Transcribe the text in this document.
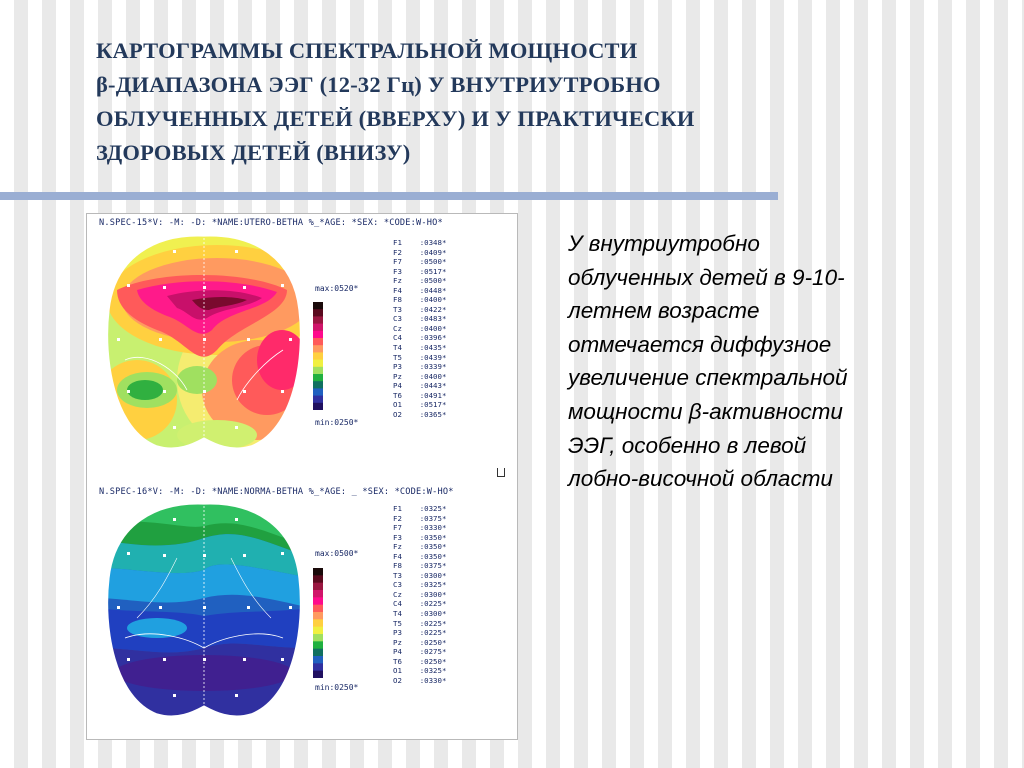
КАРТОГРАММЫ СПЕКТРАЛЬНОЙ МОЩНОСТИ
β-ДИАПАЗОНА ЭЭГ (12-32 Гц) У ВНУТРИУТРОБНО
ОБЛУЧЕННЫХ ДЕТЕЙ (ВВЕРХУ) И У ПРАКТИЧЕСКИ
ЗДОРОВЫХ ДЕТЕЙ (ВНИЗУ)
N.SPEC-15*V: -M: -D: *NAME:UTERO-BETHA %_*AGE: *SEX: *CODE:W-HO*
max:0520*
min:0250*
F1    :0348*
F2    :0409*
F7    :0500*
F3    :0517*
Fz    :0500*
F4    :0448*
F8    :0400*
T3    :0422*
C3    :0483*
Cz    :0400*
C4    :0396*
T4    :0435*
T5    :0439*
P3    :0339*
Pz    :0400*
P4    :0443*
T6    :0491*
O1    :0517*
O2    :0365*
N.SPEC-16*V: -M: -D: *NAME:NORMA-BETHA %_*AGE: _ *SEX: *CODE:W-HO*
max:0500*
min:0250*
F1    :0325*
F2    :0375*
F7    :0330*
F3    :0350*
Fz    :0350*
F4    :0350*
F8    :0375*
T3    :0300*
C3    :0325*
Cz    :0300*
C4    :0225*
T4    :0300*
T5    :0225*
P3    :0225*
Pz    :0250*
P4    :0275*
T6    :0250*
O1    :0325*
O2    :0330*
У внутриутробно
облученных детей в 9-10-
летнем возрасте
отмечается диффузное
увеличение спектральной
мощности β-активности
ЭЭГ, особенно в левой
лобно-височной области
